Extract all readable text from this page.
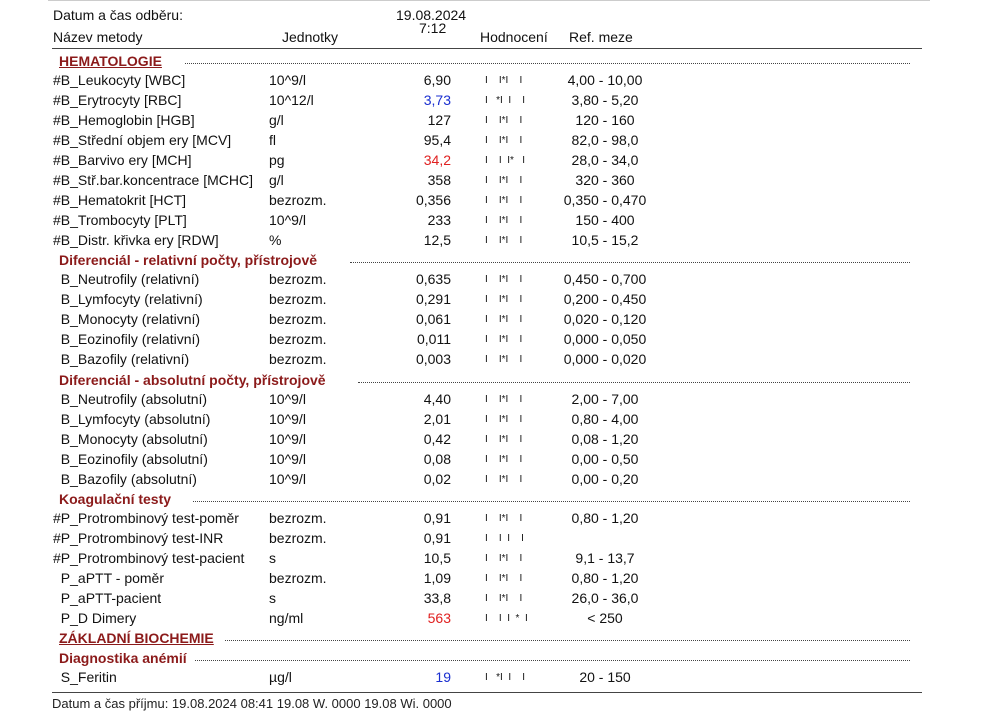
Datum a čas odběru:	19.08.2024
7:12
Název metody	Jednotky	Hodnocení Ref. meze
HEMATOLOGIE
Diferenciál - relativní počty, přístrojově
Diferenciál - absolutní počty, přístrojově
Koagulační testy
ZÁKLADNÍ BIOCHEMIE
Diagnostika anémií
#B_Leukocyty [WBC]	10^9/l	6,90	I    I*I    I	4,00 - 10,00
#B_Erytrocyty [RBC]	10^12/l	3,73	I   *I  I    I	3,80 - 5,20
#B_Hemoglobin [HGB]	g/l	127	I    I*I    I	120 - 160
#B_Střední objem ery [MCV]	fl	95,4	I    I*I    I	82,0 - 98,0
#B_Barvivo ery [MCH]	pg	34,2	I    I  I*   I	28,0 - 34,0
#B_Stř.bar.koncentrace [MCHC] g/l	358	I    I*I    I	320 - 360
#B_Hematokrit [HCT]	bezrozm.	0,356	I    I*I    I	0,350 - 0,470
#B_Trombocyty [PLT]	10^9/l	233	I    I*I    I	150 - 400
#B_Distr. křivka ery [RDW]	%	12,5	I    I*I    I	10,5 - 15,2
B_Neutrofily (relativní)	bezrozm.	0,635	I    I*I    I	0,450 - 0,700
B_Lymfocyty (relativní)	bezrozm.	0,291	I    I*I    I	0,200 - 0,450
B_Monocyty (relativní)	bezrozm.	0,061	I    I*I    I	0,020 - 0,120
B_Eozinofily (relativní)	bezrozm.	0,011	I    I*I    I	0,000 - 0,050
B_Bazofily (relativní)	bezrozm.	0,003	I    I*I    I	0,000 - 0,020
B_Neutrofily (absolutní)	10^9/l	4,40	I    I*I    I	2,00 - 7,00
B_Lymfocyty (absolutní)	10^9/l	2,01	I    I*I    I	0,80 - 4,00
B_Monocyty (absolutní)	10^9/l	0,42	I    I*I    I	0,08 - 1,20
B_Eozinofily (absolutní)	10^9/l	0,08	I    I*I    I	0,00 - 0,50
B_Bazofily (absolutní)	10^9/l	0,02	I    I*I    I	0,00 - 0,20
#P_Protrombinový test-poměr bezrozm.	0,91	I    I*I    I	0,80 - 1,20
#P_Protrombinový test-INR	bezrozm.	0,91	I    I  I    I
#P_Protrombinový test-pacient s	10,5	I    I*I    I	9,1 - 13,7
P_aPTT - poměr	bezrozm.	1,09	I    I*I    I	0,80 - 1,20
P_aPTT-pacient	s	33,8	I    I*I    I	26,0 - 36,0
P_D Dimery	ng/ml	563	I    I  I  *  I	< 250
S_Feritin	µg/l	19	I   *I  I    I	20 - 150
Datum a čas příjmu: 19.08.2024 08:41 19.08 W. 0000 19.08 Wi. 0000
